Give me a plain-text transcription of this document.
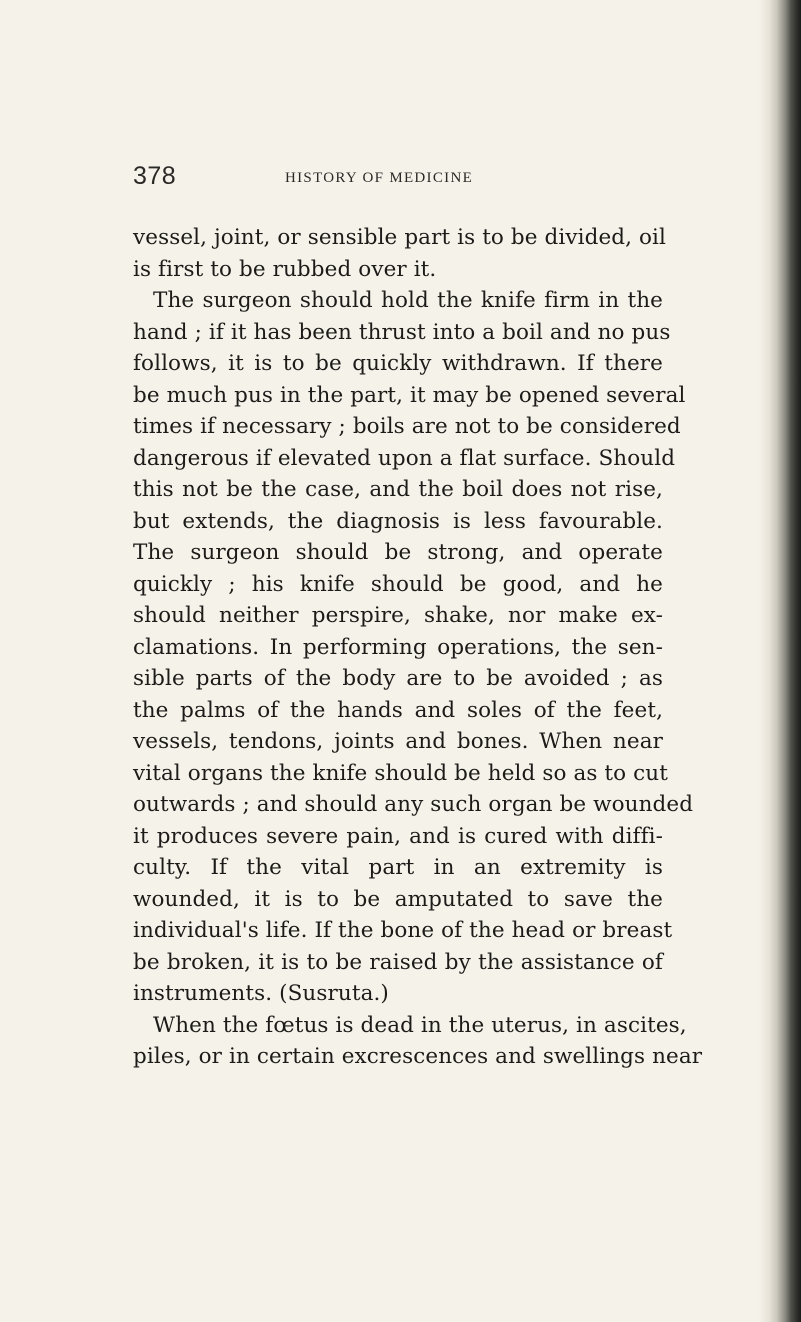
378	HISTORY OF MEDICINE
vessel, joint, or sensible part is to be divided, oil
is first to be rubbed over it.
The surgeon should hold the knife firm in the
hand ; if it has been thrust into a boil and no pus
follows, it is to be quickly withdrawn. If there
be much pus in the part, it may be opened several
times if necessary ; boils are not to be considered
dangerous if elevated upon a flat surface. Should
this not be the case, and the boil does not rise,
but extends, the diagnosis is less favourable.
The surgeon should be strong, and operate
quickly ; his knife should be good, and he
should neither perspire, shake, nor make ex-
clamations. In performing operations, the sen-
sible parts of the body are to be avoided ; as
the palms of the hands and soles of the feet,
vessels, tendons, joints and bones. When near
vital organs the knife should be held so as to cut
outwards ; and should any such organ be wounded
it produces severe pain, and is cured with diffi-
culty. If the vital part in an extremity is
wounded, it is to be amputated to save the
individual's life. If the bone of the head or breast
be broken, it is to be raised by the assistance of
instruments. (Susruta.)
When the fœtus is dead in the uterus, in ascites,
piles, or in certain excrescences and swellings near
